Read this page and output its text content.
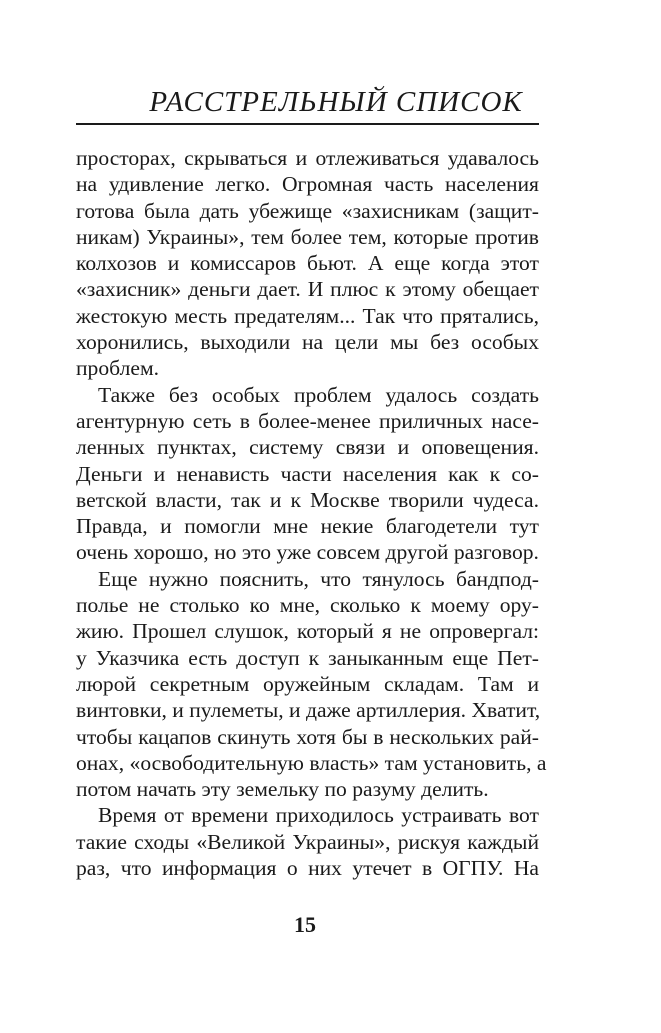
РАССТРЕЛЬНЫЙ СПИСОК
просторах, скрываться и отлеживаться удавалось
на удивление легко. Огромная часть населения
готова была дать убежище «захисникам (защит-
никам) Украины», тем более тем, которые против
колхозов и комиссаров бьют. А еще когда этот
«захисник» деньги дает. И плюс к этому обещает
жестокую месть предателям... Так что прятались,
хоронились, выходили на цели мы без особых
проблем.
Также без особых проблем удалось создать
агентурную сеть в более-менее приличных насе-
ленных пунктах, систему связи и оповещения.
Деньги и ненависть части населения как к со-
ветской власти, так и к Москве творили чудеса.
Правда, и помогли мне некие благодетели тут
очень хорошо, но это уже совсем другой разговор.
Еще нужно пояснить, что тянулось бандпод-
полье не столько ко мне, сколько к моему ору-
жию. Прошел слушок, который я не опровергал:
у Указчика есть доступ к заныканным еще Пет-
люрой секретным оружейным складам. Там и
винтовки, и пулеметы, и даже артиллерия. Хватит,
чтобы кацапов скинуть хотя бы в нескольких рай-
онах, «освободительную власть» там установить, а
потом начать эту земельку по разуму делить.
Время от времени приходилось устраивать вот
такие сходы «Великой Украины», рискуя каждый
раз, что информация о них утечет в ОГПУ. На
15
